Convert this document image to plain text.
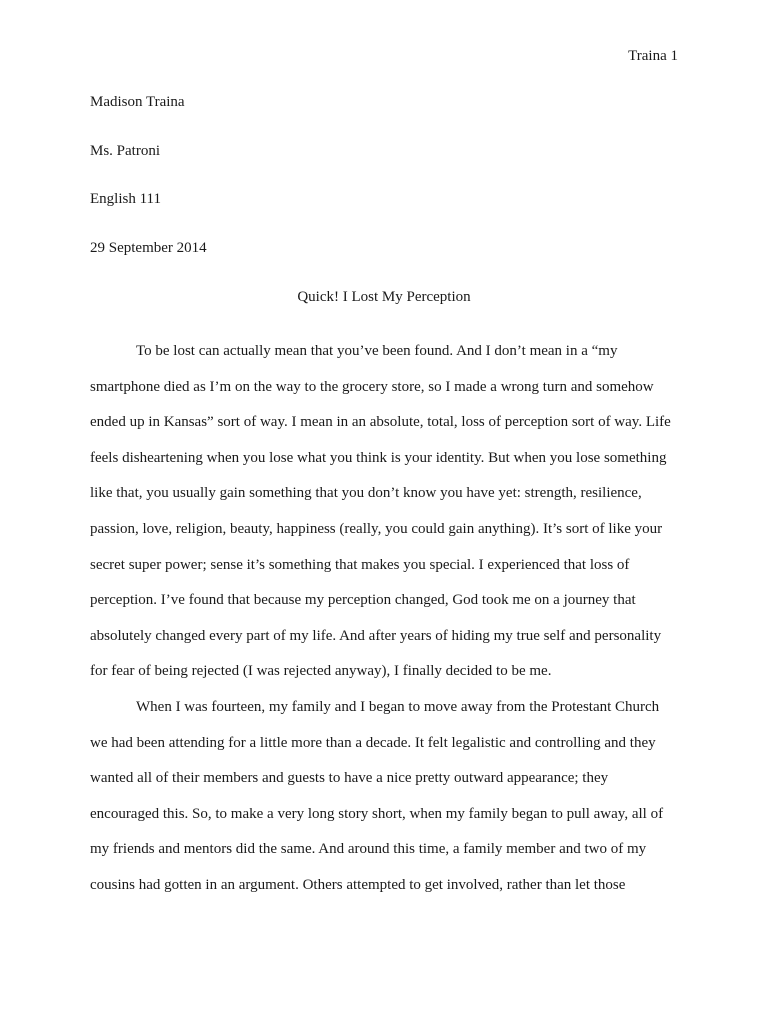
Traina 1
Madison Traina
Ms. Patroni
English 111
29 September 2014
Quick! I Lost My Perception
To be lost can actually mean that you’ve been found. And I don’t mean in a “my
smartphone died as I’m on the way to the grocery store, so I made a wrong turn and somehow
ended up in Kansas” sort of way. I mean in an absolute, total, loss of perception sort of way. Life
feels disheartening when you lose what you think is your identity. But when you lose something
like that, you usually gain something that you don’t know you have yet: strength, resilience,
passion, love, religion, beauty, happiness (really, you could gain anything). It’s sort of like your
secret super power; sense it’s something that makes you special. I experienced that loss of
perception. I’ve found that because my perception changed, God took me on a journey that
absolutely changed every part of my life. And after years of hiding my true self and personality
for fear of being rejected (I was rejected anyway), I finally decided to be me.
When I was fourteen, my family and I began to move away from the Protestant Church
we had been attending for a little more than a decade. It felt legalistic and controlling and they
wanted all of their members and guests to have a nice pretty outward appearance; they
encouraged this. So, to make a very long story short, when my family began to pull away, all of
my friends and mentors did the same. And around this time, a family member and two of my
cousins had gotten in an argument. Others attempted to get involved, rather than let those
